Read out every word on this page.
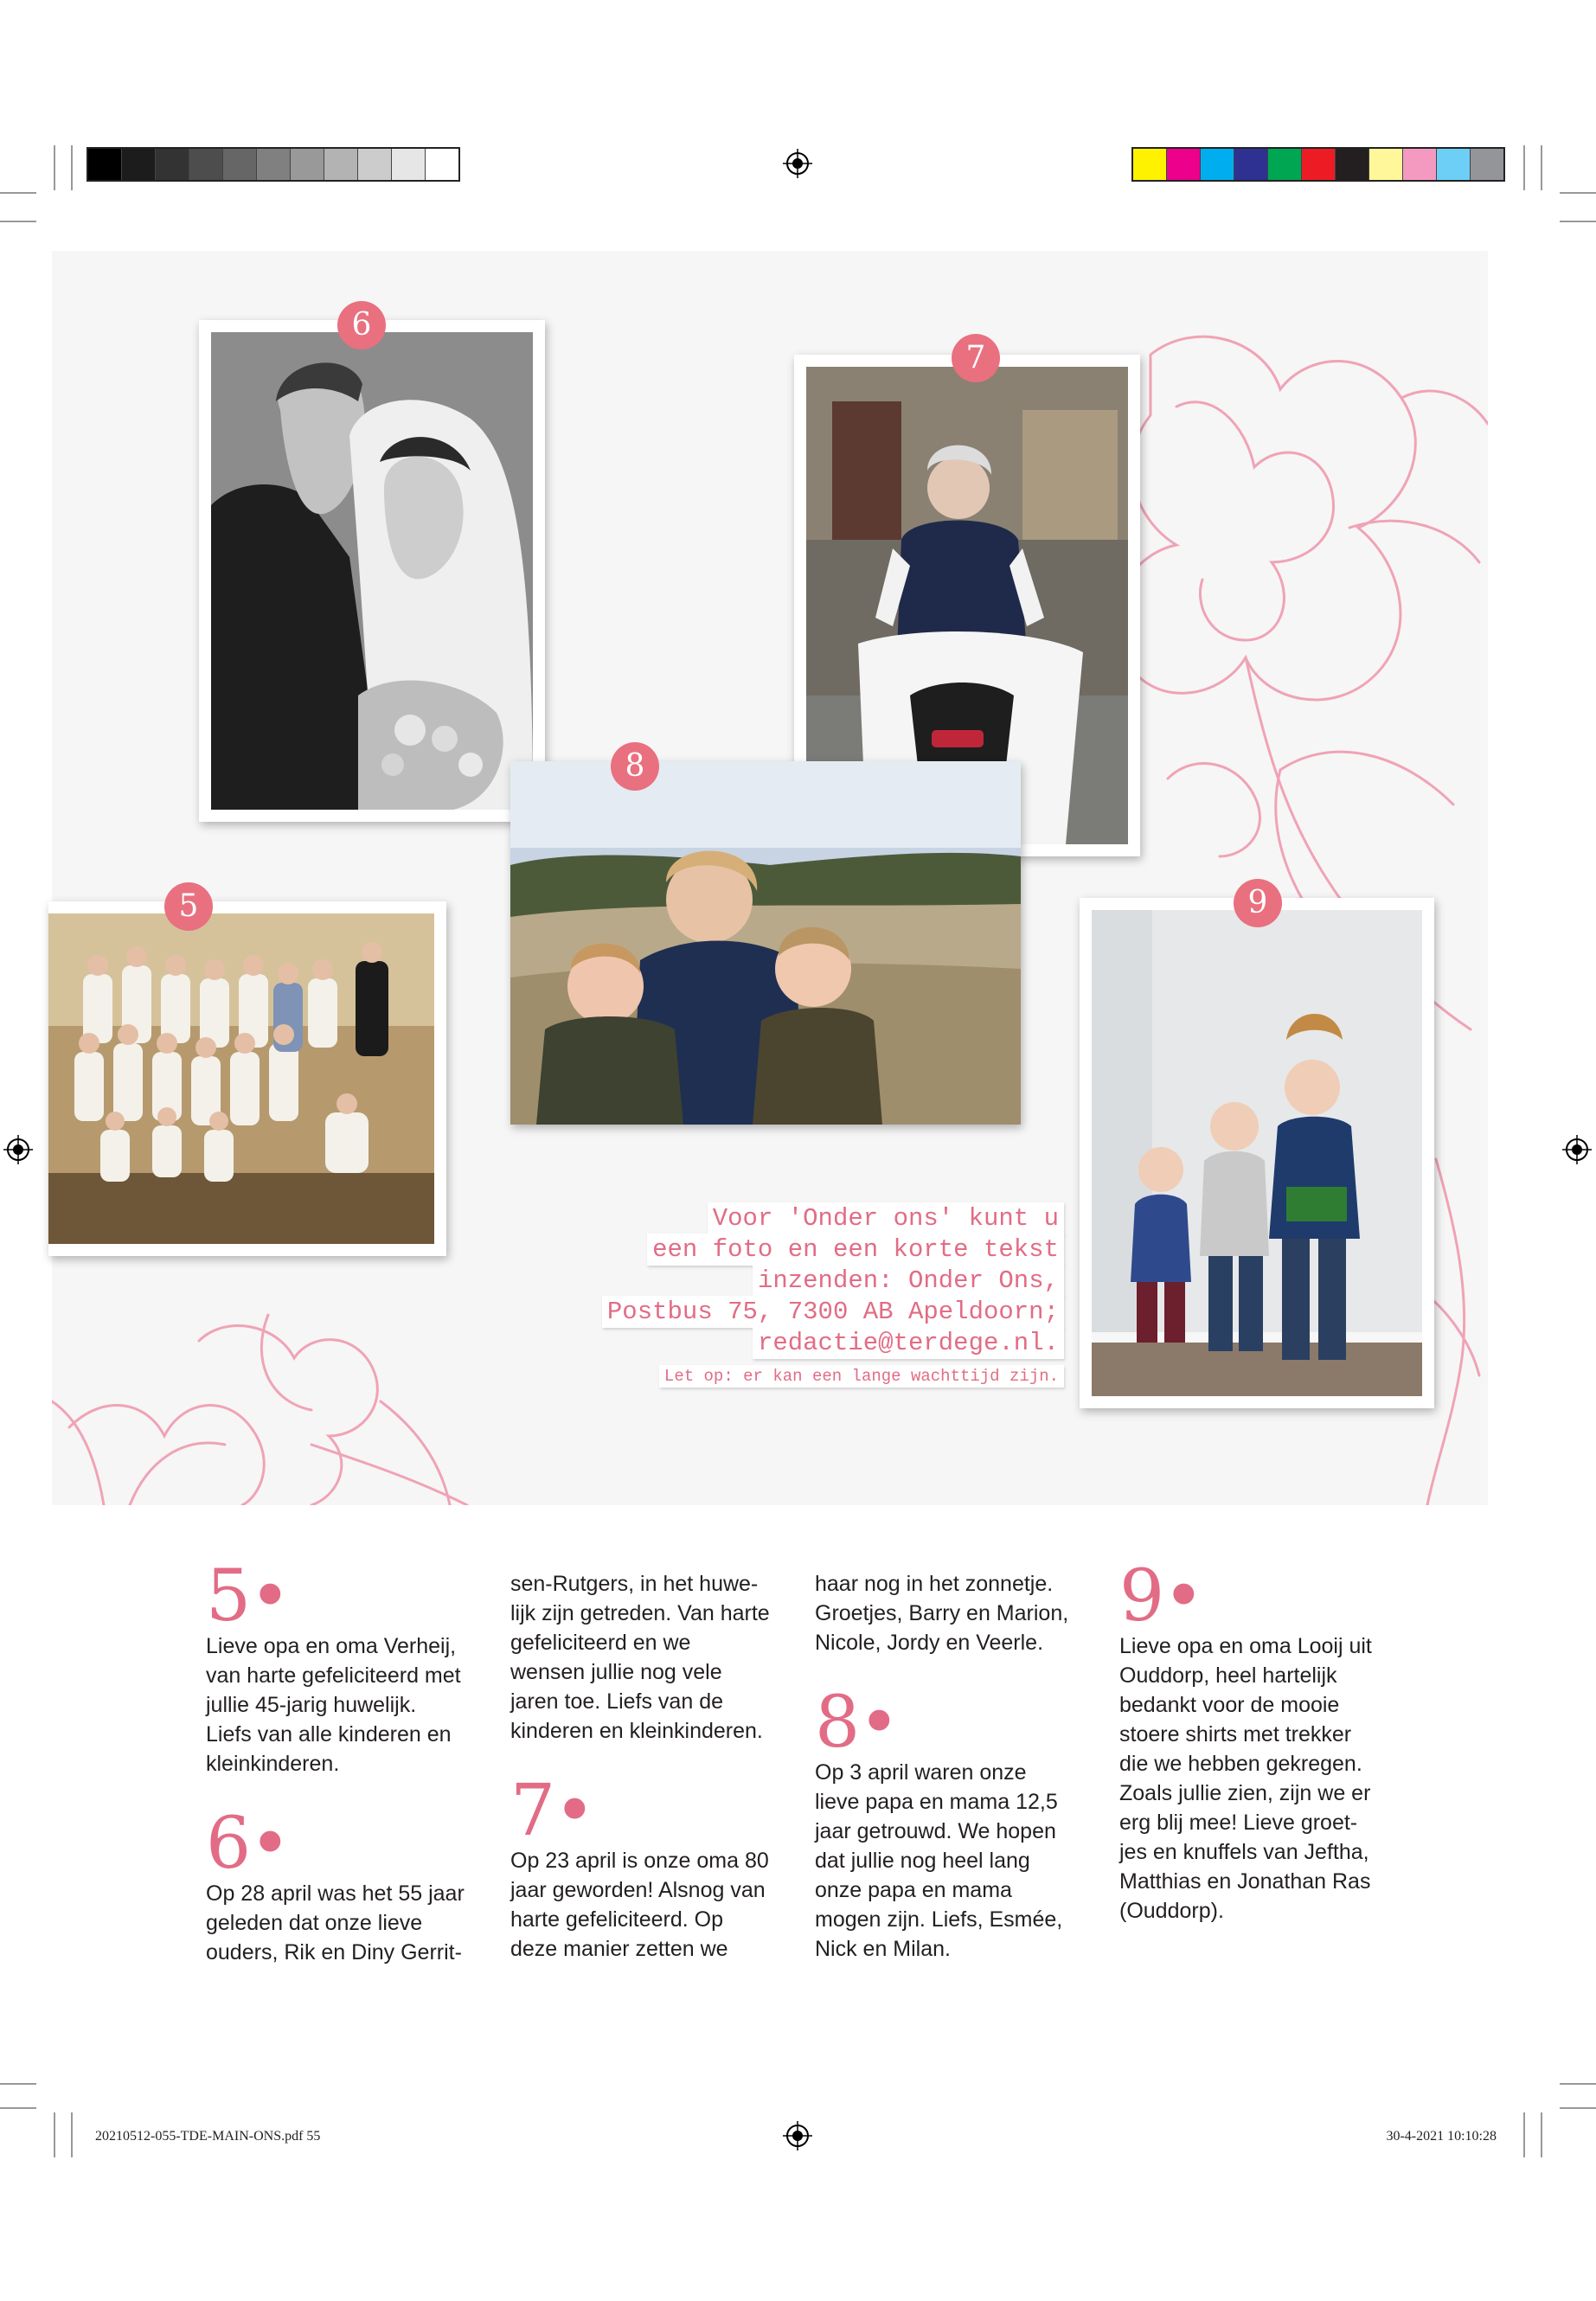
6
7
8
5	9
Voor 'Onder ons' kunt u
een foto en een korte tekst
inzenden: Onder Ons,
Postbus 75, 7300 AB Apeldoorn;
redactie@terdege.nl.
Let op: er kan een lange wachttijd zijn.
5•

Lieve opa en oma Verheij, van harte gefeliciteerd met jullie 45-jarig huwelijk. Liefs van alle kinderen en kleinkinderen.

6•

Op 28 april was het 55 jaar geleden dat onze lieve ouders, Rik en Diny Gerrit-

sen-Rutgers, in het huwe-lijk zijn getreden. Van harte gefeliciteerd en we wensen jullie nog vele jaren toe. Liefs van de kinderen en kleinkinderen.

7•

Op 23 april is onze oma 80 jaar geworden! Alsnog van harte gefeliciteerd. Op deze manier zetten we

haar nog in het zonnetje. Groetjes, Barry en Marion, Nicole, Jordy en Veerle.

8•

Op 3 april waren onze lieve papa en mama 12,5 jaar getrouwd. We hopen dat jullie nog heel lang onze papa en mama mogen zijn. Liefs, Esmée, Nick en Milan.

9•

Lieve opa en oma Looij uit Ouddorp, heel hartelijk bedankt voor de mooie stoere shirts met trekker die we hebben gekregen. Zoals jullie zien, zijn we er erg blij mee! Lieve groet-jes en knuffels van Jeftha, Matthias en Jonathan Ras (Ouddorp).

20210512-055-TDE-MAIN-ONS.pdf 55	30-4-2021 10:10:28
